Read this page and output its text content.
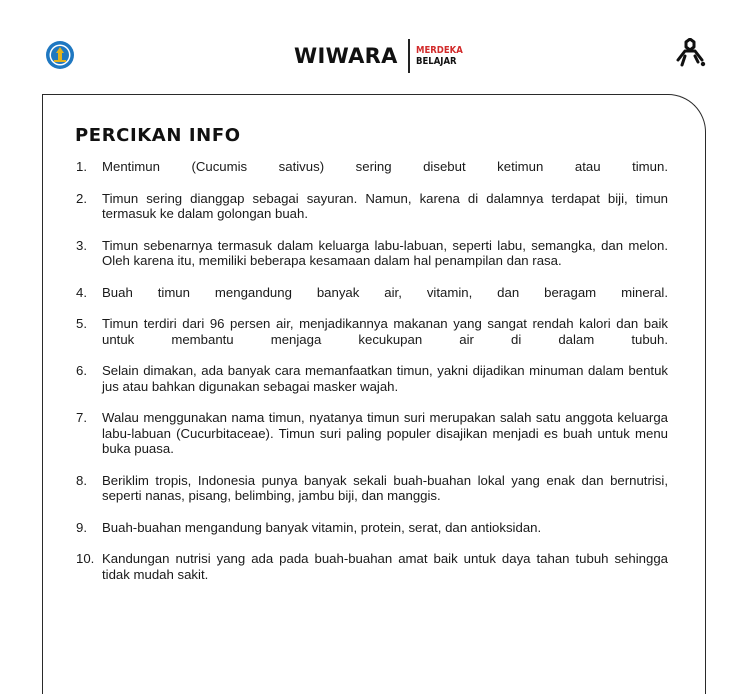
WIWARA MERDEKA
BELAJAR
PERCIKAN INFO
1.	Mentimun (Cucumis sativus) sering disebut ketimun atau timun.
2.	Timun sering dianggap sebagai sayuran. Namun, karena di dalamnya terdapat biji, timun termasuk ke dalam golongan buah.
3.	Timun sebenarnya termasuk dalam keluarga labu-labuan, seperti labu, semangka, dan melon. Oleh karena itu, memiliki beberapa kesamaan dalam hal penampilan dan rasa.
4.	Buah timun mengandung banyak air, vitamin, dan beragam mineral.
5.	Timun terdiri dari 96 persen air, menjadikannya makanan yang sangat rendah kalori dan baik untuk membantu menjaga kecukupan air di dalam tubuh.
6.	Selain dimakan, ada banyak cara memanfaatkan timun, yakni dijadikan minuman dalam bentuk jus atau bahkan digunakan sebagai masker wajah.
7.	Walau menggunakan nama timun, nyatanya timun suri merupakan salah satu anggota keluarga labu-labuan (Cucurbitaceae). Timun suri paling populer disajikan menjadi es buah untuk menu buka puasa.
8.	Beriklim tropis, Indonesia punya banyak sekali buah-buahan lokal yang enak dan bernutrisi, seperti nanas, pisang, belimbing, jambu biji, dan manggis.
9.	Buah-buahan mengandung banyak vitamin, protein, serat, dan antioksidan.
10. Kandungan nutrisi yang ada pada buah-buahan amat baik untuk daya tahan tubuh sehingga tidak mudah sakit.
